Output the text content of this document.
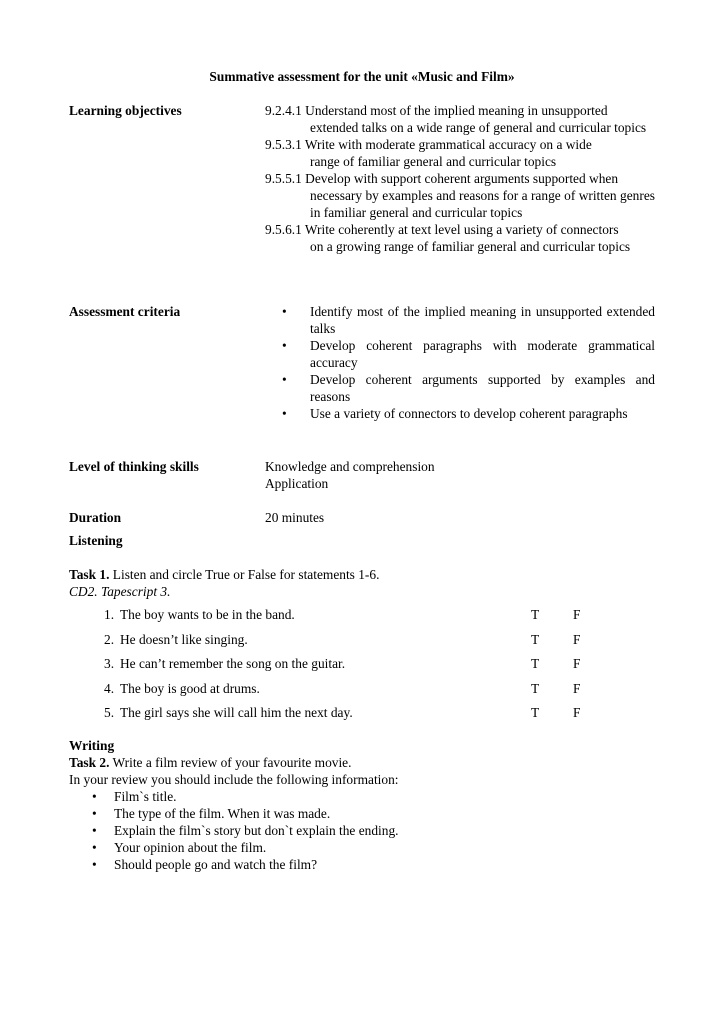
Summative assessment for the unit «Music and Film»
Learning objectives	9.2.4.1 Understand most of the implied meaning in unsupported
extended talks on a wide range of general and curricular topics
9.5.3.1 Write with moderate grammatical accuracy on a wide
range of familiar general and curricular topics
9.5.5.1 Develop with support coherent arguments supported when
necessary by examples and reasons for a range of written genres in familiar general and curricular topics
9.5.6.1 Write coherently at text level using a variety of connectors
on a growing range of familiar general and curricular topics
Assessment criteria
•	Identify most of the implied meaning in unsupported extended talks
• Develop coherent paragraphs with moderate grammatical accuracy
• Develop coherent arguments supported by examples and reasons
• Use a variety of connectors to develop coherent paragraphs
Level of thinking skills	Knowledge and comprehension
Application
Duration	20 minutes
Listening
Task 1. Listen and circle True or False for statements 1-6.
CD2. Tapescript 3.
1. The boy wants to be in the band.	T	F
2. He doesn’t like singing.	T	F
3. He can’t remember the song on the guitar.	T	F
4. The boy is good at drums.	T	F
5. The girl says she will call him the next day.	T	F
Writing
Task 2. Write a film review of your favourite movie.
In your review you should include the following information:
• Film`s title.
• The type of the film. When it was made.
• Explain the film`s story but don`t explain the ending.
• Your opinion about the film.
• Should people go and watch the film?
